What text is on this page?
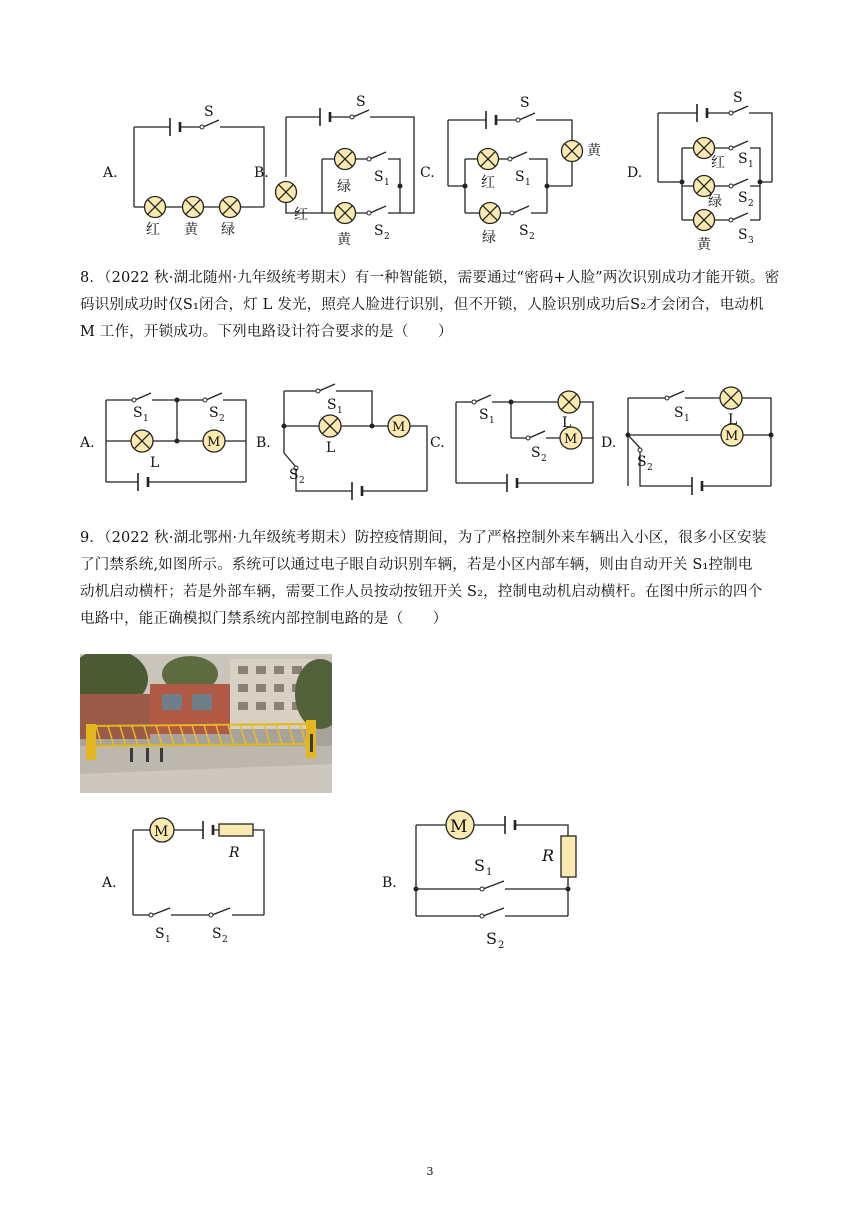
A.	B.	C.	D.
S
S	S	S
红 黄 绿
红
绿
黄
S 1
S 2
黄
红
绿
S 1
S 2
红
绿
黄
S 1
S 2
S 3
8．（2022 秋·湖北随州·九年级统考期末）有一种智能锁，需要通过“密码+人脸”两次识别成功才能开锁。密
码识别成功时仅S₁闭合，灯 L 发光，照亮人脸进行识别，但不开锁，人脸识别成功后S₂才会闭合，电动机
M 工作，开锁成功。下列电路设计符合要求的是（　　）
M
M
M	M
A.	B.	C.	D.
S 1	S 2
L
S 1
L
S 2
S 1	L
S 2
S 1	L
S 2
9．（2022 秋·湖北鄂州·九年级统考期末）防控疫情期间，为了严格控制外来车辆出入小区，很多小区安装
了门禁系统,如图所示。系统可以通过电子眼自动识别车辆，若是小区内部车辆，则由自动开关 S₁控制电
动机启动横杆；若是外部车辆，需要工作人员按动按钮开关 S₂，控制电动机启动横杆。在图中所示的四个
电路中，能正确模拟门禁系统内部控制电路的是（　　）
M	M
A.	B.
R
S 1	S 2
R
S 1
S 2
3
